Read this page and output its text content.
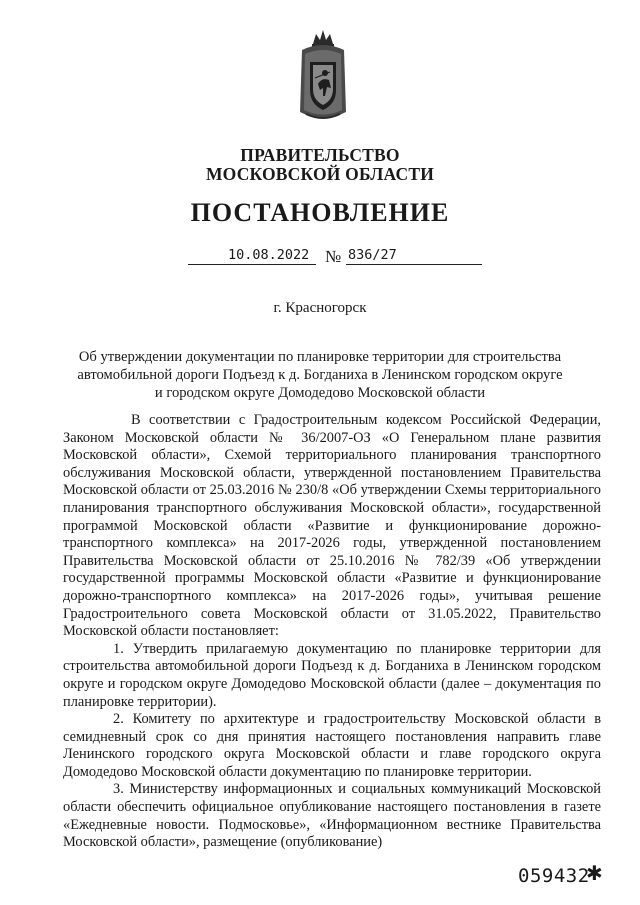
ПРАВИТЕЛЬСТВО
МОСКОВСКОЙ ОБЛАСТИ
ПОСТАНОВЛЕНИЕ
10.08.2022 № 836/27
г. Красногорск
Об утверждении документации по планировке территории для строительства
автомобильной дороги Подъезд к д. Богданиха в Ленинском городском округе
и городском округе Домодедово Московской области

В соответствии с Градостроительным кодексом Российской Федерации, Законом Московской области № 36/2007-ОЗ «О Генеральном плане развития Московской области», Схемой территориального планирования транспортного обслуживания Московской области, утвержденной постановлением Правительства Московской области от 25.03.2016 № 230/8 «Об утверждении Схемы территориального планирования транспортного обслуживания Московской области», государственной программой Московской области «Развитие и функционирование дорожно-транспортного комплекса» на 2017-2026 годы, утвержденной постановлением Правительства Московской области от 25.10.2016 № 782/39 «Об утверждении государственной программы Московской области «Развитие и функционирование дорожно-транспортного комплекса» на 2017-2026 годы», учитывая решение Градостроительного совета Московской области от 31.05.2022, Правительство Московской области постановляет:

1. Утвердить прилагаемую документацию по планировке территории для строительства автомобильной дороги Подъезд к д. Богданиха в Ленинском городском округе и городском округе Домодедово Московской области (далее – документация по планировке территории).

2. Комитету по архитектуре и градостроительству Московской области в семидневный срок со дня принятия настоящего постановления направить главе Ленинского городского округа Московской области и главе городского округа Домодедово Московской области документацию по планировке территории.

3. Министерству информационных и социальных коммуникаций Московской области обеспечить официальное опубликование настоящего постановления в газете «Ежедневные новости. Подмосковье», «Информационном вестнике Правительства Московской области», размещение (опубликование)

059432
✱
